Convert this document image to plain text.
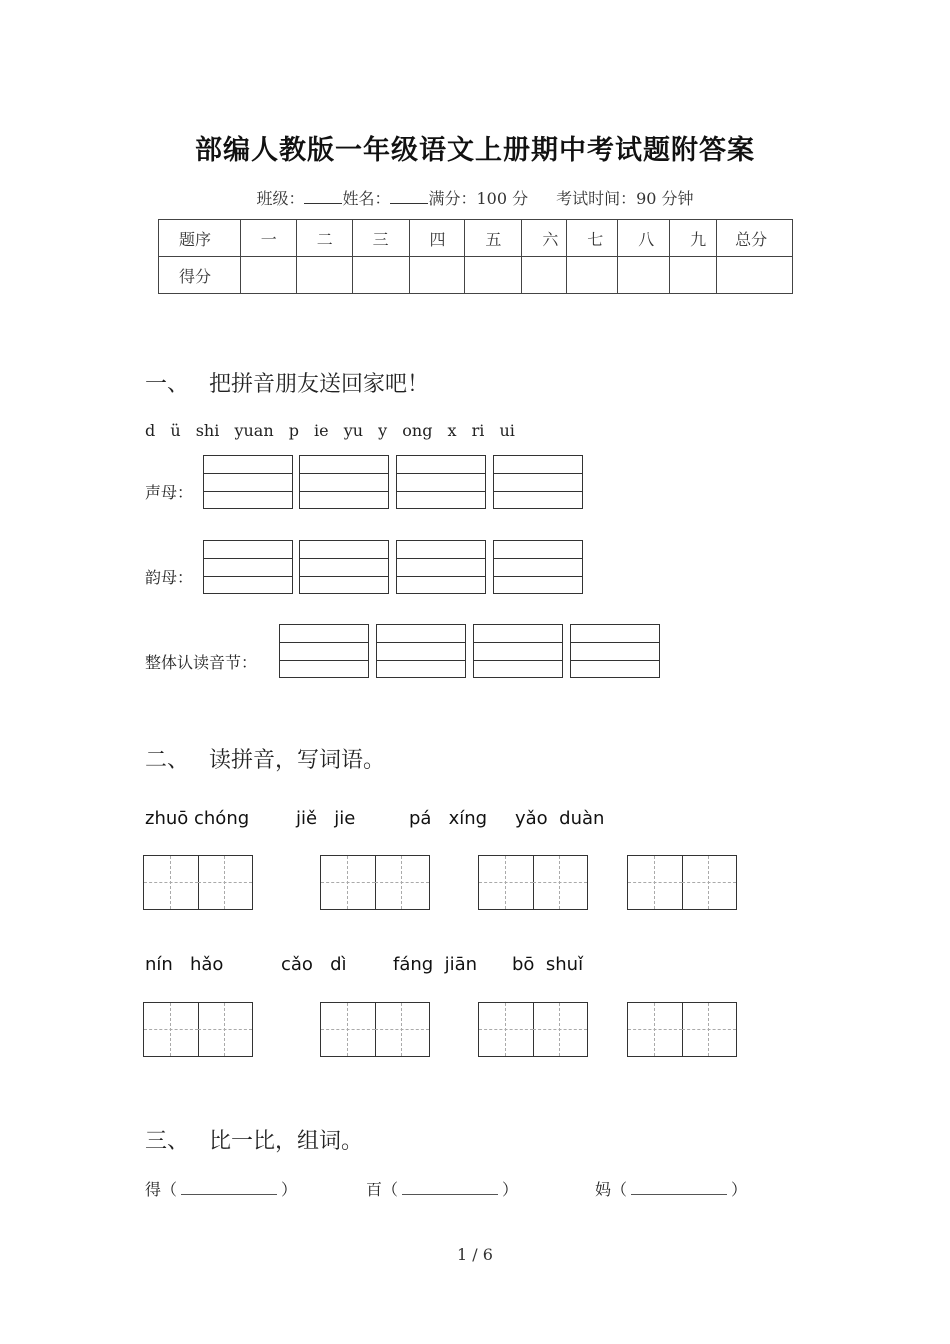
部编人教版一年级语文上册期中考试题附答案
班级： 姓名： 满分：100 分 考试时间：90 分钟
题序	一	二	三	四	五	六	七	八	九	总分
得分										
一、 把拼音朋友送回家吧！
d ü shi yuan p ie yu y ong x ri ui
声母：
韵母：
整体认读音节：
二、 读拼音，写词语。
zhuō chóng	jiě   jie	pá   xíng yǎo  duàn
nín   hǎo	cǎo   dì	fáng  jiān bō  shuǐ
三、 比一比，组词。
得（	）	百（	）	妈（	）
1 / 6
